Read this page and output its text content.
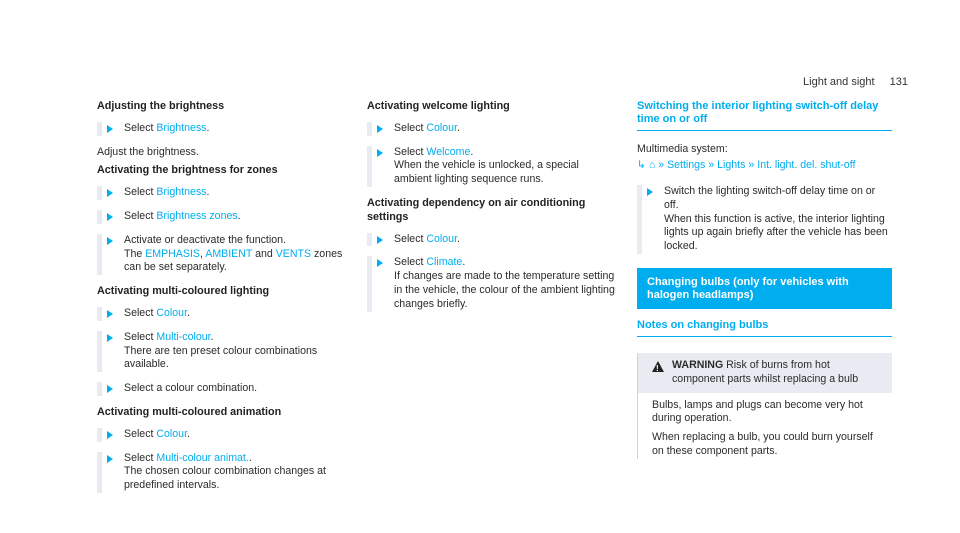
Light and sight 131
Adjusting the brightness
Select Brightness.
Adjust the brightness.
Activating the brightness for zones
Select Brightness.
Select Brightness zones.
Activate or deactivate the function.
The EMPHASIS, AMBIENT and VENTS zones
can be set separately.
Activating multi-coloured lighting
Select Colour.
Select Multi-colour.
There are ten preset colour combinations available.
Select a colour combination.
Activating multi-coloured animation
Select Colour.
Select Multi-colour animat..
The chosen colour combination changes at predefined intervals.
Activating welcome lighting
Select Colour.
Select Welcome.
When the vehicle is unlocked, a special ambient lighting sequence runs.
Activating dependency on air conditioning settings
Select Colour.
Select Climate.
If changes are made to the temperature setting in the vehicle, the colour of the ambient lighting changes briefly.
Switching the interior lighting switch-off delay time on or off
Multimedia system:
↳ ⌂ » Settings » Lights » Int. light. del. shut-off
Switch the lighting switch-off delay time on or off.
When this function is active, the interior lighting lights up again briefly after the vehicle has been locked.
Changing bulbs (only for vehicles with halogen headlamps)
Notes on changing bulbs
!
WARNING Risk of burns from hot component parts whilst replacing a bulb

Bulbs, lamps and plugs can become very hot during operation.

When replacing a bulb, you could burn yourself on these component parts.
